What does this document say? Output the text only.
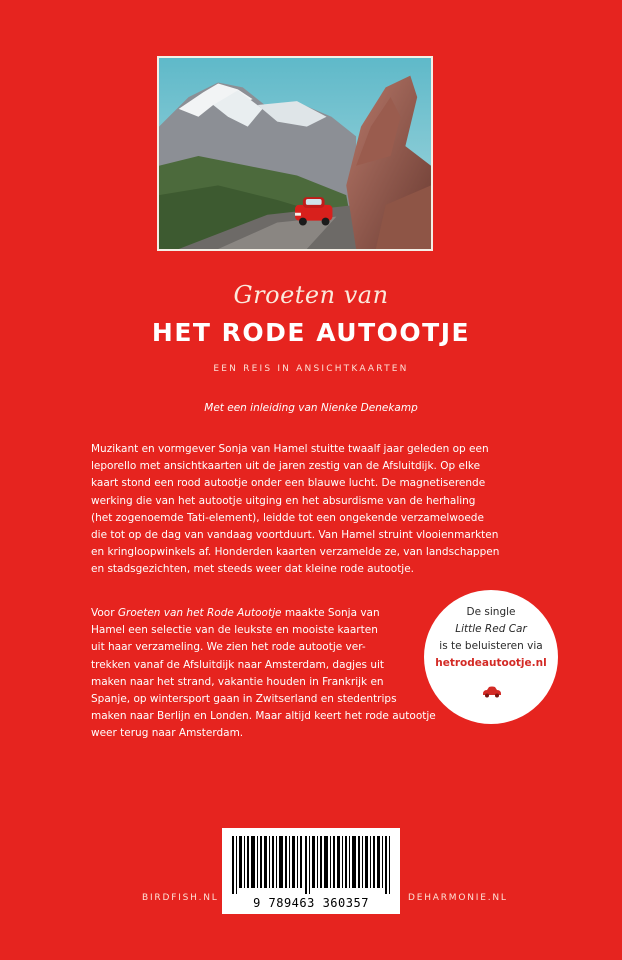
Groeten van
HET RODE AUTOOTJE
EEN REIS IN ANSICHTKAARTEN
Met een inleiding van Nienke Denekamp
Muzikant en vormgever Sonja van Hamel stuitte twaalf jaar geleden op een
leporello met ansichtkaarten uit de jaren zestig van de Afsluitdijk. Op elke
kaart stond een rood autootje onder een blauwe lucht. De magnetiserende
werking die van het autootje uitging en het absurdisme van de herhaling
(het zogenoemde Tati-element), leidde tot een ongekende verzamelwoede
die tot op de dag van vandaag voortduurt. Van Hamel struint vlooienmarkten
en kringloopwinkels af. Honderden kaarten verzamelde ze, van landschappen
en stadsgezichten, met steeds weer dat kleine rode autootje.
Voor Groeten van het Rode Autootje maakte Sonja van
Hamel een selectie van de leukste en mooiste kaarten
uit haar verzameling. We zien het rode autootje ver-
trekken vanaf de Afsluitdijk naar Amsterdam, dagjes uit
maken naar het strand, vakantie houden in Frankrijk en
Spanje, op wintersport gaan in Zwitserland en stedentrips
maken naar Berlijn en Londen. Maar altijd keert het rode autootje
weer terug naar Amsterdam.
De single
Little Red Car
is te beluisteren via
hetrodeautootje.nl
9 789463 360357
BIRDFISH.NL	DEHARMONIE.NL
